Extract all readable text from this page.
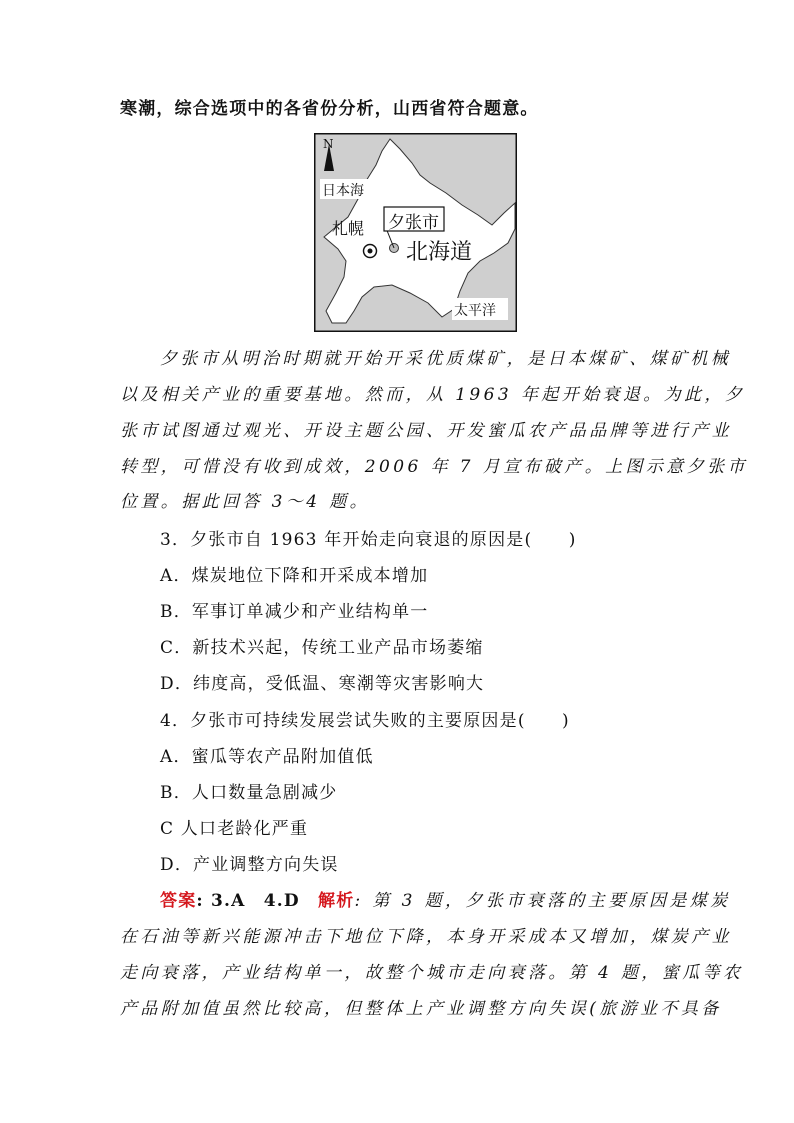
寒潮，综合选项中的各省份分析，山西省符合题意。
N
日本海
札幌 夕张市
北海道
太平洋
夕张市从明治时期就开始开采优质煤矿，是日本煤矿、煤矿机械
以及相关产业的重要基地。然而，从 1963 年起开始衰退。为此，夕
张市试图通过观光、开设主题公园、开发蜜瓜农产品品牌等进行产业
转型，可惜没有收到成效，2006 年 7 月宣布破产。上图示意夕张市
位置。据此回答 3～4 题。
3．夕张市自 1963 年开始走向衰退的原因是(　　)
A．煤炭地位下降和开采成本增加
B．军事订单减少和产业结构单一
C．新技术兴起，传统工业产品市场萎缩
D．纬度高，受低温、寒潮等灾害影响大
4．夕张市可持续发展尝试失败的主要原因是(　　)
A．蜜瓜等农产品附加值低
B．人口数量急剧减少
C 人口老龄化严重
D．产业调整方向失误
答案: 3.A　4.D　解析: 第 3 题，夕张市衰落的主要原因是煤炭
在石油等新兴能源冲击下地位下降，本身开采成本又增加，煤炭产业
走向衰落，产业结构单一，故整个城市走向衰落。第 4 题，蜜瓜等农
产品附加值虽然比较高，但整体上产业调整方向失误(旅游业不具备
